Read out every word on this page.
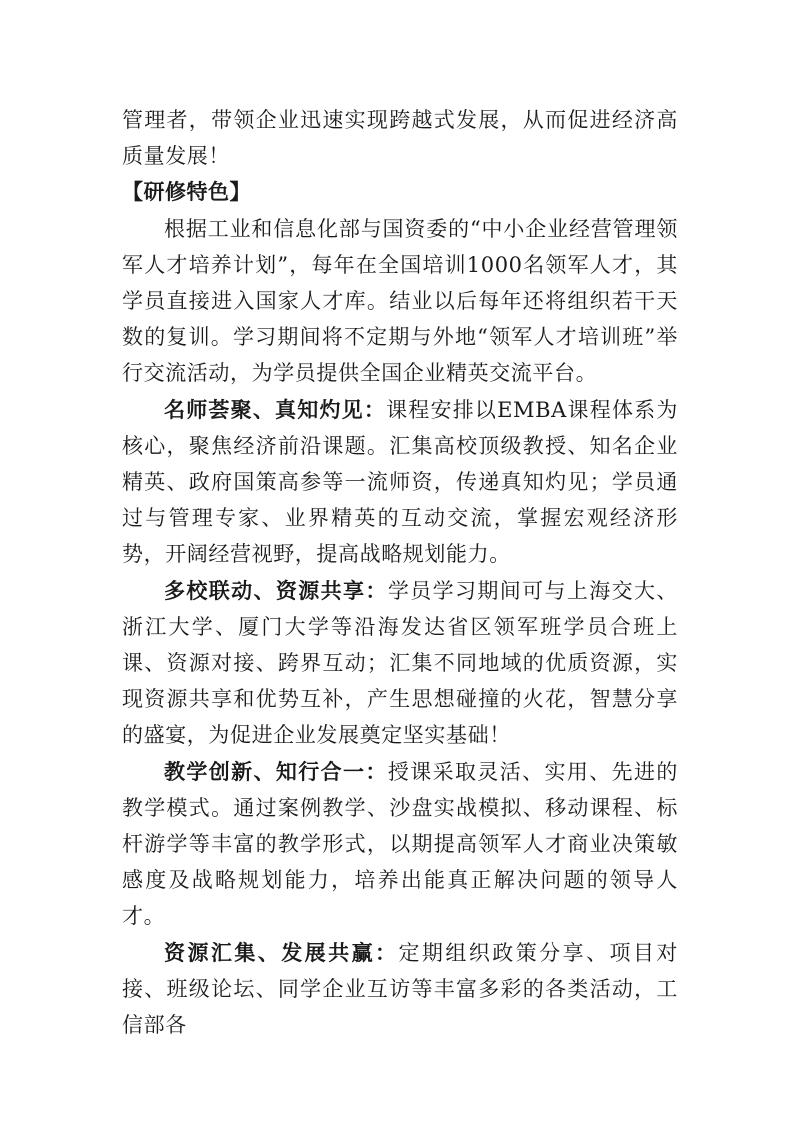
管理者，带领企业迅速实现跨越式发展，从而促进经济高质量发展！

【研修特色】

根据工业和信息化部与国资委的“中小企业经营管理领军人才培养计划”，每年在全国培训1000名领军人才，其学员直接进入国家人才库。结业以后每年还将组织若干天数的复训。学习期间将不定期与外地“领军人才培训班”举行交流活动，为学员提供全国企业精英交流平台。

名师荟聚、真知灼见：课程安排以EMBA课程体系为核心，聚焦经济前沿课题。汇集高校顶级教授、知名企业精英、政府国策高参等一流师资，传递真知灼见；学员通过与管理专家、业界精英的互动交流，掌握宏观经济形势，开阔经营视野，提高战略规划能力。

多校联动、资源共享：学员学习期间可与上海交大、浙江大学、厦门大学等沿海发达省区领军班学员合班上课、资源对接、跨界互动；汇集不同地域的优质资源，实现资源共享和优势互补，产生思想碰撞的火花，智慧分享的盛宴，为促进企业发展奠定坚实基础！

教学创新、知行合一：授课采取灵活、实用、先进的教学模式。通过案例教学、沙盘实战模拟、移动课程、标杆游学等丰富的教学形式，以期提高领军人才商业决策敏感度及战略规划能力，培养出能真正解决问题的领导人才。

资源汇集、发展共赢：定期组织政策分享、项目对接、班级论坛、同学企业互访等丰富多彩的各类活动，工信部各
